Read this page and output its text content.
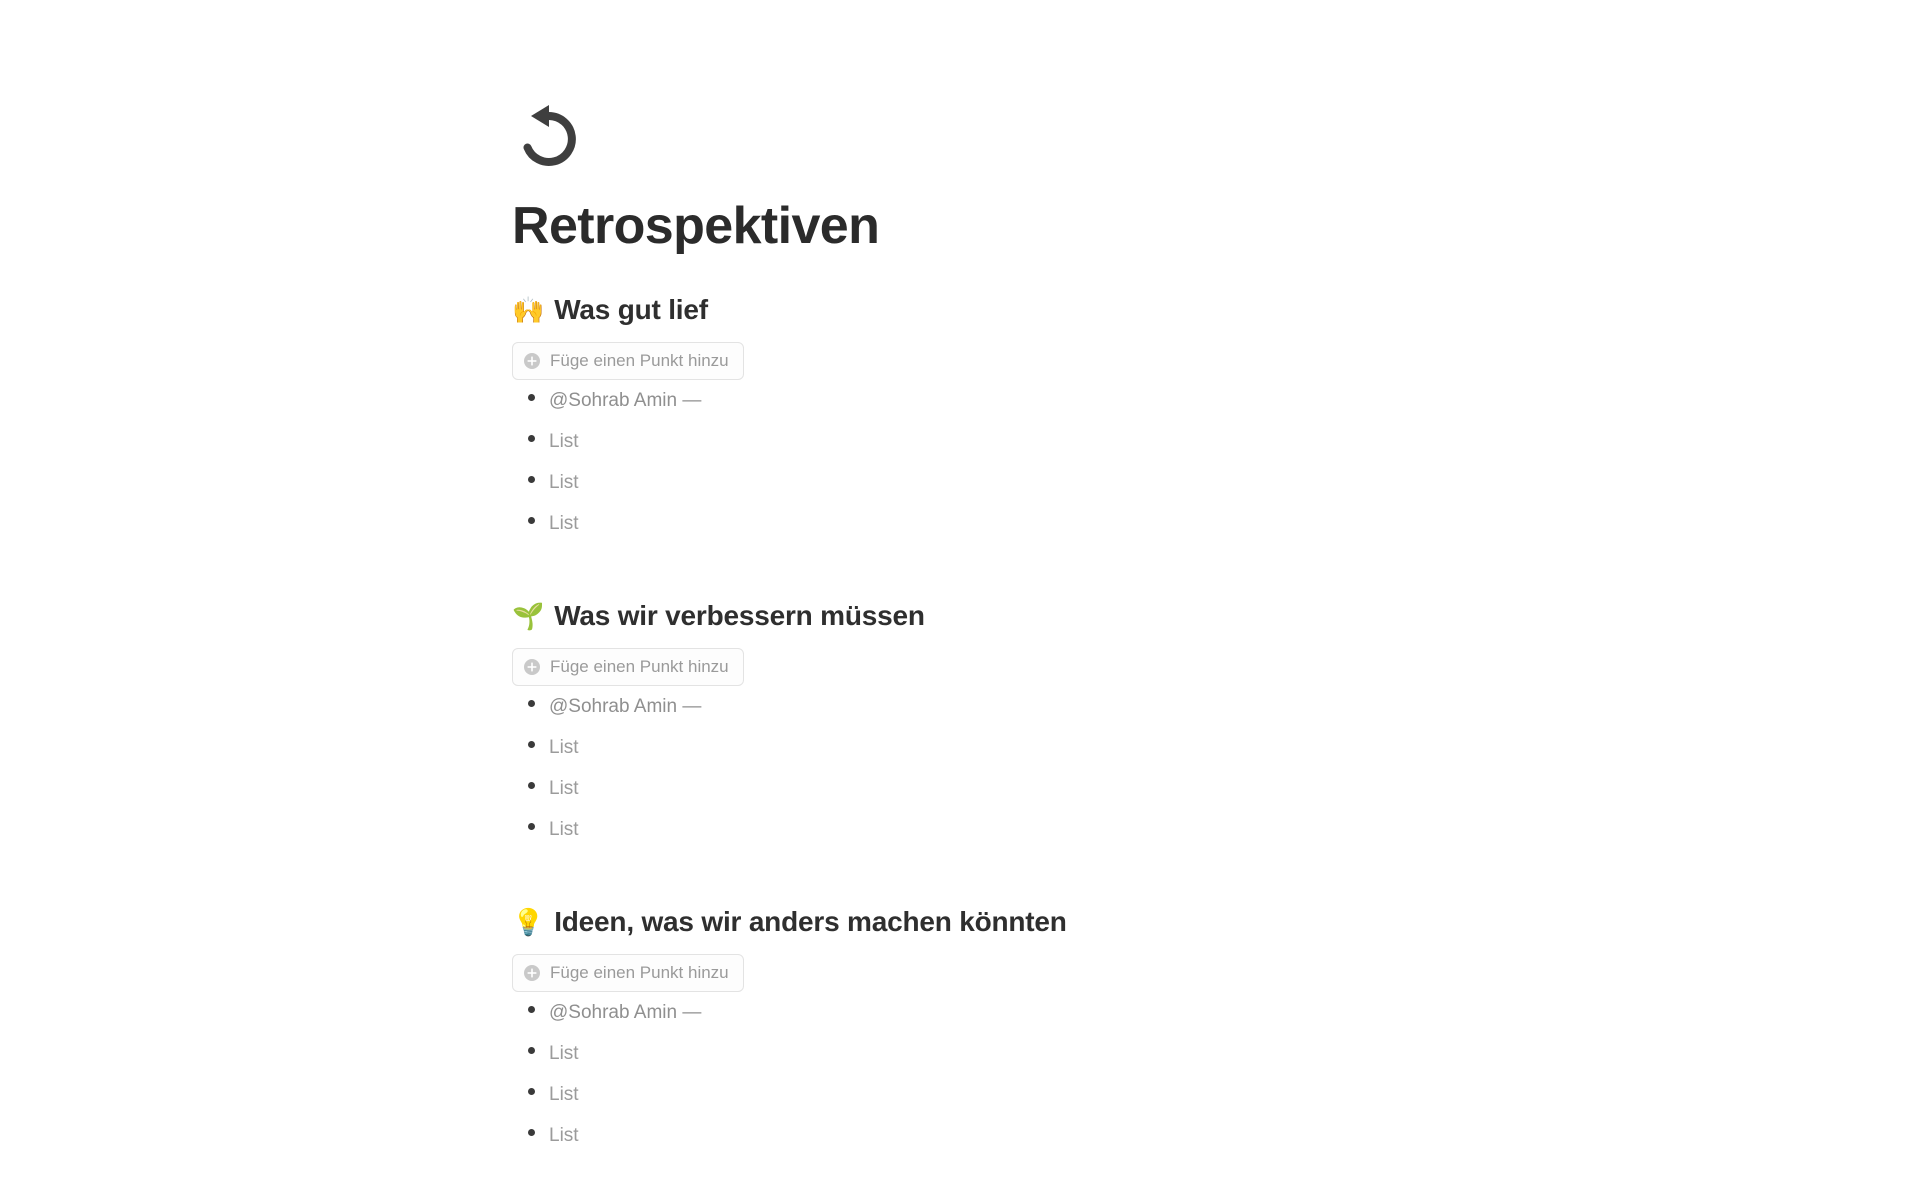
Retrospektiven
🙌 Was gut lief
Füge einen Punkt hinzu
@Sohrab Amin —
List
List
List
🌱 Was wir verbessern müssen
Füge einen Punkt hinzu
@Sohrab Amin —
List
List
List
💡 Ideen, was wir anders machen könnten
Füge einen Punkt hinzu
@Sohrab Amin —
List
List
List
